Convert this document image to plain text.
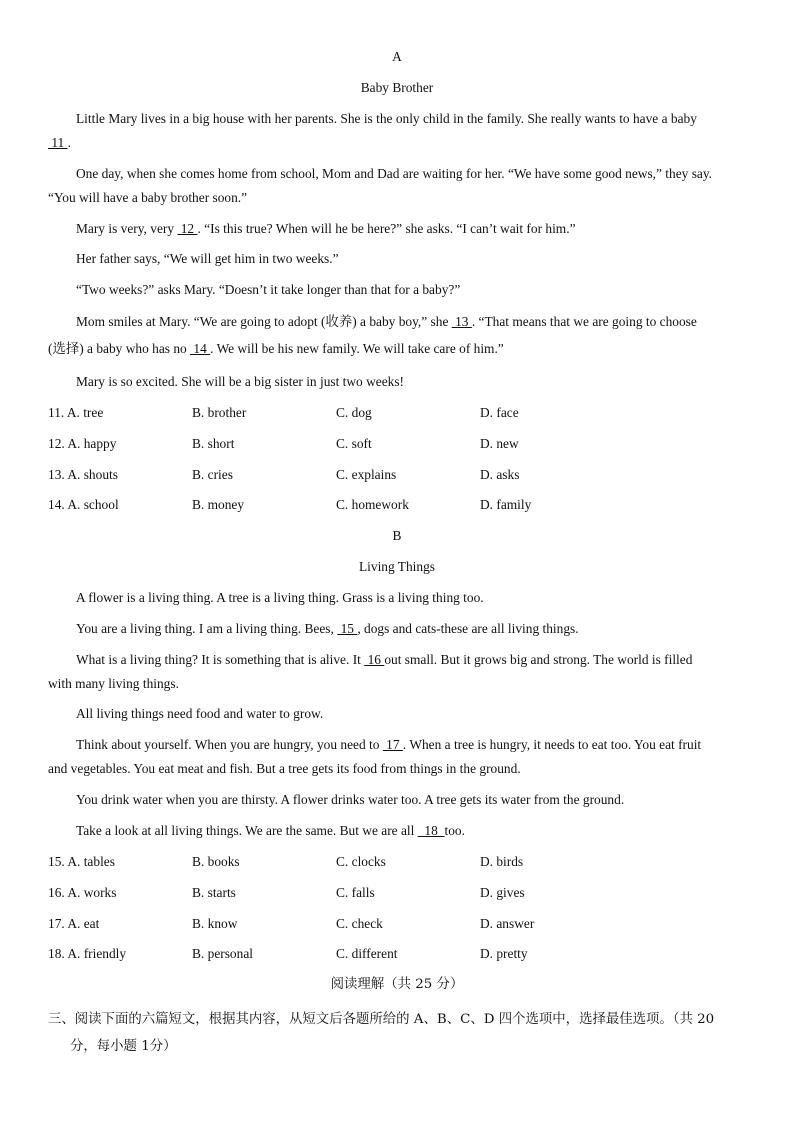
A
Baby Brother
Little Mary lives in a big house with her parents. She is the only child in the family. She really wants to have a baby
11 .
One day, when she comes home from school, Mom and Dad are waiting for her. “We have some good news,” they say.
“You will have a baby brother soon.”
Mary is very, very  12 . “Is this true? When will he be here?” she asks. “I can’t wait for him.”
Her father says, “We will get him in two weeks.”
“Two weeks?” asks Mary. “Doesn’t it take longer than that for a baby?”
Mom smiles at Mary. “We are going to adopt (收养) a baby boy,” she  13 . “That means that we are going to choose
(选择) a baby who has no  14 . We will be his new family. We will take care of him.”
Mary is so excited. She will be a big sister in just two weeks!
11. A. tree	B. brother	C. dog	D. face
12. A. happy	B. short	C. soft	D. new
13. A. shouts	B. cries	C. explains	D. asks
14. A. school	B. money	C. homework	D. family
B
Living Things
A flower is a living thing. A tree is a living thing. Grass is a living thing too.
You are a living thing. I am a living thing. Bees,  15 , dogs and cats-these are all living things.
What is a living thing? It is something that is alive. It  16 out small. But it grows big and strong. The world is filled
with many living things.
All living things need food and water to grow.
Think about yourself. When you are hungry, you need to  17 . When a tree is hungry, it needs to eat too. You eat fruit
and vegetables. You eat meat and fish. But a tree gets its food from things in the ground.
You drink water when you are thirsty. A flower drinks water too. A tree gets its water from the ground.
Take a look at all living things. We are the same. But we are all   18  too.
15. A. tables	B. books	C. clocks	D. birds
16. A. works	B. starts	C. falls	D. gives
17. A. eat	B. know	C. check	D. answer
18. A. friendly	B. personal	C. different	D. pretty
阅读理解（共 25 分）
三、阅读下面的六篇短文，根据其内容，从短文后各题所给的 A、B、C、D 四个选项中，选择最佳选项。（共 20
分，每小题 1分）
